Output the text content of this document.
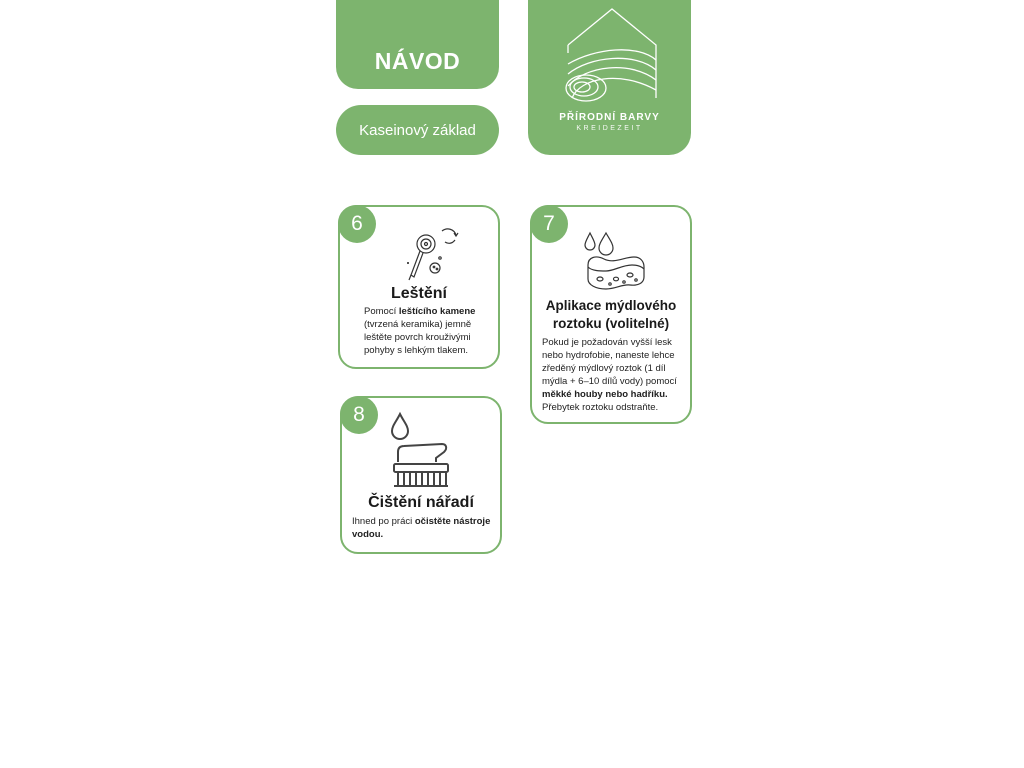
NÁVOD
Kaseinový základ
PŘÍRODNÍ BARVY
KREIDEZEIT
6
Leštění

Pomocí leštícího kamene (tvrzená keramika) jemně leštěte povrch krouživými pohyby s lehkým tlakem.

7
Aplikace mýdlového roztoku (volitelné)

Pokud je požadován vyšší lesk nebo hydrofobie, naneste lehce zředěný mýdlový roztok (1 díl mýdla + 6–10 dílů vody) pomocí měkké houby nebo hadříku. Přebytek roztoku odstraňte.

8
Čištění nářadí

Ihned po práci očistěte nástroje vodou.
